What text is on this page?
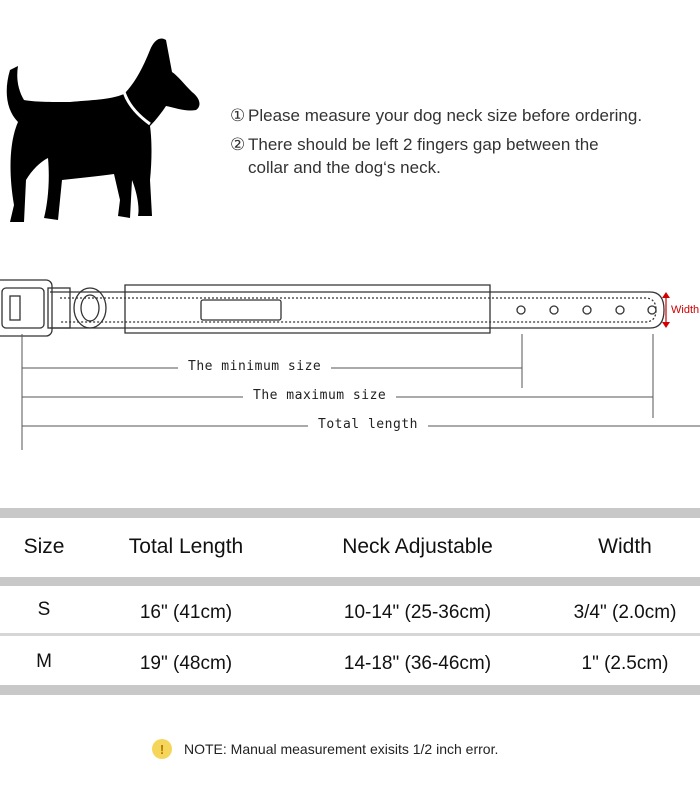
① Please measure your dog neck size before ordering.
② There should be left 2 fingers gap between the
collar and the dog‘s neck.
Width
The minimum size
The maximum size
Total length
Size	Total Length	Neck Adjustable	Width
S	16" (41cm)	10-14" (25-36cm)	3/4" (2.0cm)
M	19" (48cm)	14-18" (36-46cm)	1" (2.5cm)
!	NOTE: Manual measurement exisits 1/2 inch error.
